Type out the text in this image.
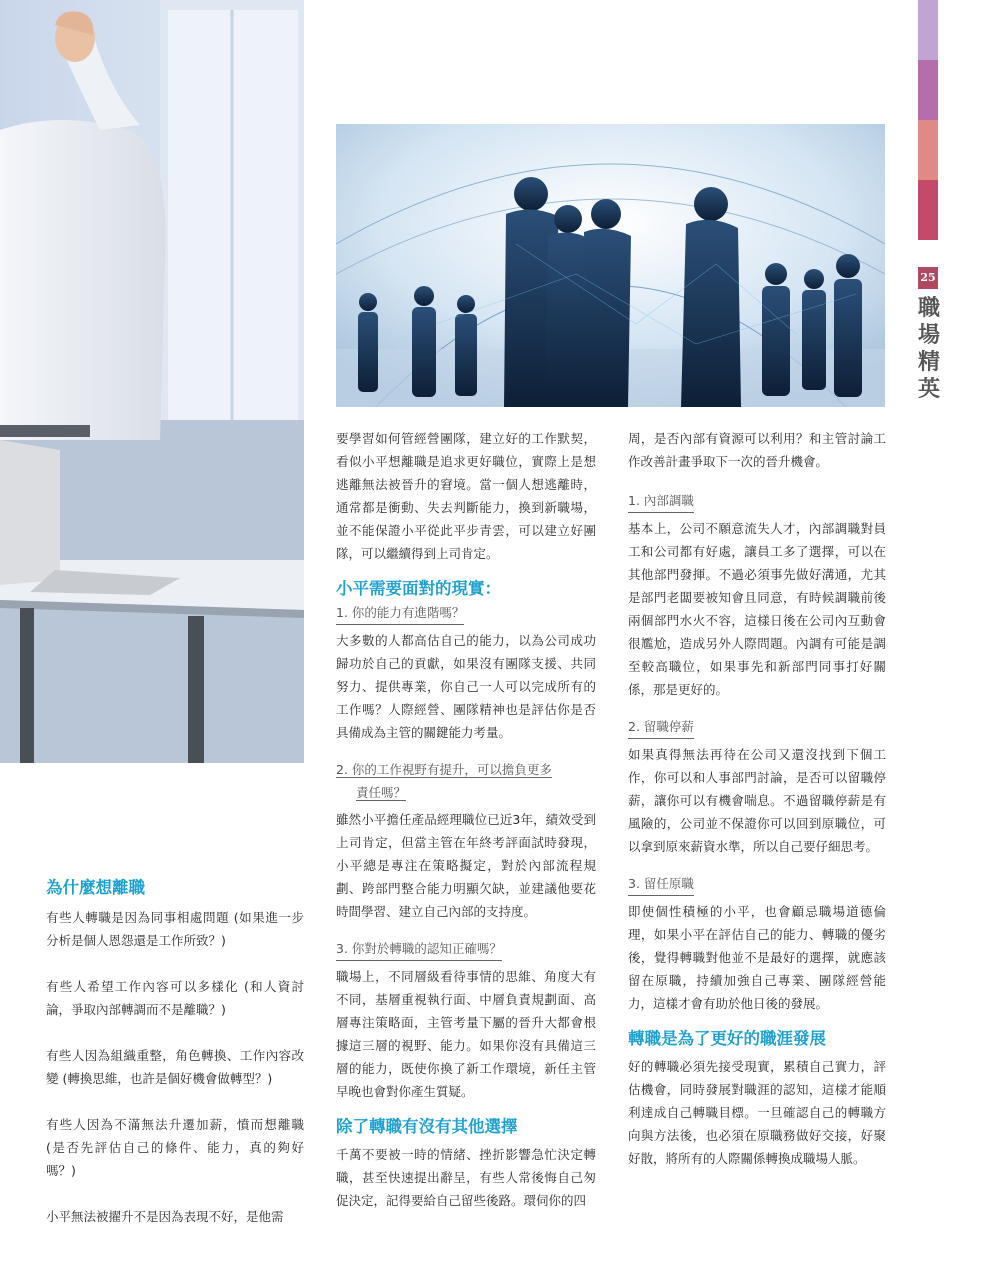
25
職
場
精
英
為什麼想離職

有些人轉職是因為同事相處問題 (如果進一步分析是個人恩怨還是工作所致？)

有些人希望工作內容可以多樣化 (和人資討論，爭取內部轉調而不是離職？)

有些人因為組織重整，角色轉換、工作內容改變 (轉換思維，也許是個好機會做轉型？)

有些人因為不滿無法升遷加薪，憤而想離職 (是否先評估自己的條件、能力，真的夠好嗎？)

小平無法被擢升不是因為表現不好，是他需

要學習如何管經營團隊，建立好的工作默契，看似小平想離職是追求更好職位，實際上是想逃離無法被晉升的窘境。當一個人想逃離時，通常都是衝動、失去判斷能力，換到新職場，並不能保證小平從此平步青雲，可以建立好團隊，可以繼續得到上司肯定。

小平需要面對的現實：
1. 你的能力有進階嗎？

大多數的人都高估自己的能力，以為公司成功歸功於自己的貢獻，如果沒有團隊支援、共同努力、提供專業，你自己一人可以完成所有的工作嗎？人際經營、團隊精神也是評估你是否具備成為主管的關鍵能力考量。

2. 你的工作視野有提升，可以擔負更多
責任嗎？

雖然小平擔任產品經理職位已近3年，績效受到上司肯定，但當主管在年終考評面試時發現，小平總是專注在策略擬定，對於內部流程規劃、跨部門整合能力明顯欠缺，並建議他要花時間學習、建立自己內部的支持度。

3. 你對於轉職的認知正確嗎？

職場上，不同層級看待事情的思維、角度大有不同，基層重視執行面、中層負責規劃面、高層專注策略面，主管考量下屬的晉升大都會根據這三層的視野、能力。如果你沒有具備這三層的能力，既使你換了新工作環境，新任主管早晚也會對你產生質疑。

除了轉職有沒有其他選擇

千萬不要被一時的情緒、挫折影響急忙決定轉職，甚至快速提出辭呈，有些人常後悔自己匆促決定，記得要給自己留些後路。環伺你的四

周，是否內部有資源可以利用？和主管討論工作改善計畫爭取下一次的晉升機會。

1. 內部調職

基本上，公司不願意流失人才，內部調職對員工和公司都有好處，讓員工多了選擇，可以在其他部門發揮。不過必須事先做好溝通，尤其是部門老闆要被知會且同意，有時候調職前後兩個部門水火不容，這樣日後在公司內互動會很尷尬，造成另外人際問題。內調有可能是調至較高職位，如果事先和新部門同事打好關係，那是更好的。

2. 留職停薪

如果真得無法再待在公司又還沒找到下個工作，你可以和人事部門討論，是否可以留職停薪，讓你可以有機會喘息。不過留職停薪是有風險的，公司並不保證你可以回到原職位，可以拿到原來薪資水準，所以自己要仔細思考。

3. 留任原職

即使個性積極的小平，也會顧忌職場道德倫理，如果小平在評估自己的能力、轉職的優劣後，覺得轉職對他並不是最好的選擇，就應該留在原職，持續加強自己專業、團隊經營能力，這樣才會有助於他日後的發展。

轉職是為了更好的職涯發展

好的轉職必須先接受現實，累積自己實力，評估機會，同時發展對職涯的認知，這樣才能順利達成自己轉職目標。一旦確認自己的轉職方向與方法後，也必須在原職務做好交接，好聚好散，將所有的人際關係轉換成職場人脈。
